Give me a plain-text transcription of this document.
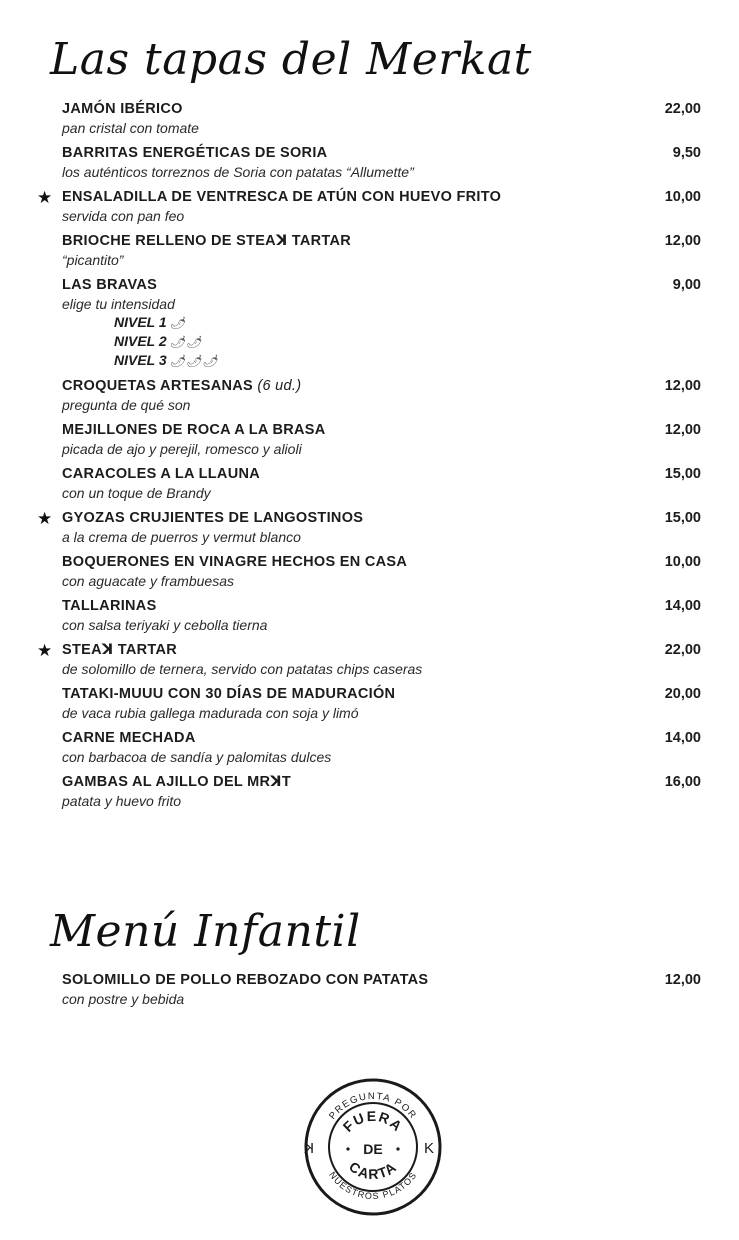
Las tapas del Merkat
JAMÓN IBÉRICO	22,00
pan cristal con tomate
BARRITAS ENERGÉTICAS DE SORIA	9,50
los auténticos torreznos de Soria con patatas “Allumette”
★ ENSALADILLA DE VENTRESCA DE ATÚN CON HUEVO FRITO	10,00
servida con pan feo
BRIOCHE RELLENO DE STEAꓘ TARTAR	12,00
“picantito”
LAS BRAVAS	9,00
elige tu intensidad
NIVEL 1 🌶
NIVEL 2 🌶🌶
NIVEL 3 🌶🌶🌶
CROQUETAS ARTESANAS (6 ud.)	12,00
pregunta de qué son
MEJILLONES DE ROCA A LA BRASA	12,00
picada de ajo y perejil, romesco y alioli
CARACOLES A LA LLAUNA	15,00
con un toque de Brandy
★ GYOZAS CRUJIENTES DE LANGOSTINOS	15,00
a la crema de puerros y vermut blanco
BOQUERONES EN VINAGRE HECHOS EN CASA	10,00
con aguacate y frambuesas
TALLARINAS	14,00
con salsa teriyaki y cebolla tierna
★ STEAꓘ TARTAR	22,00
de solomillo de ternera, servido con patatas chips caseras
TATAKI-MUUU CON 30 DÍAS DE MADURACIÓN	20,00
de vaca rubia gallega madurada con soja y limó
CARNE MECHADA	14,00
con barbacoa de sandía y palomitas dulces
GAMBAS AL AJILLO DEL MRꓘT	16,00
patata y huevo frito
Menú Infantil
SOLOMILLO DE POLLO REBOZADO CON PATATAS	12,00
con postre y bebida
PREGUNTA POR
NUESTROS PLATOS
FUERA
DE
CARTA
K	K
